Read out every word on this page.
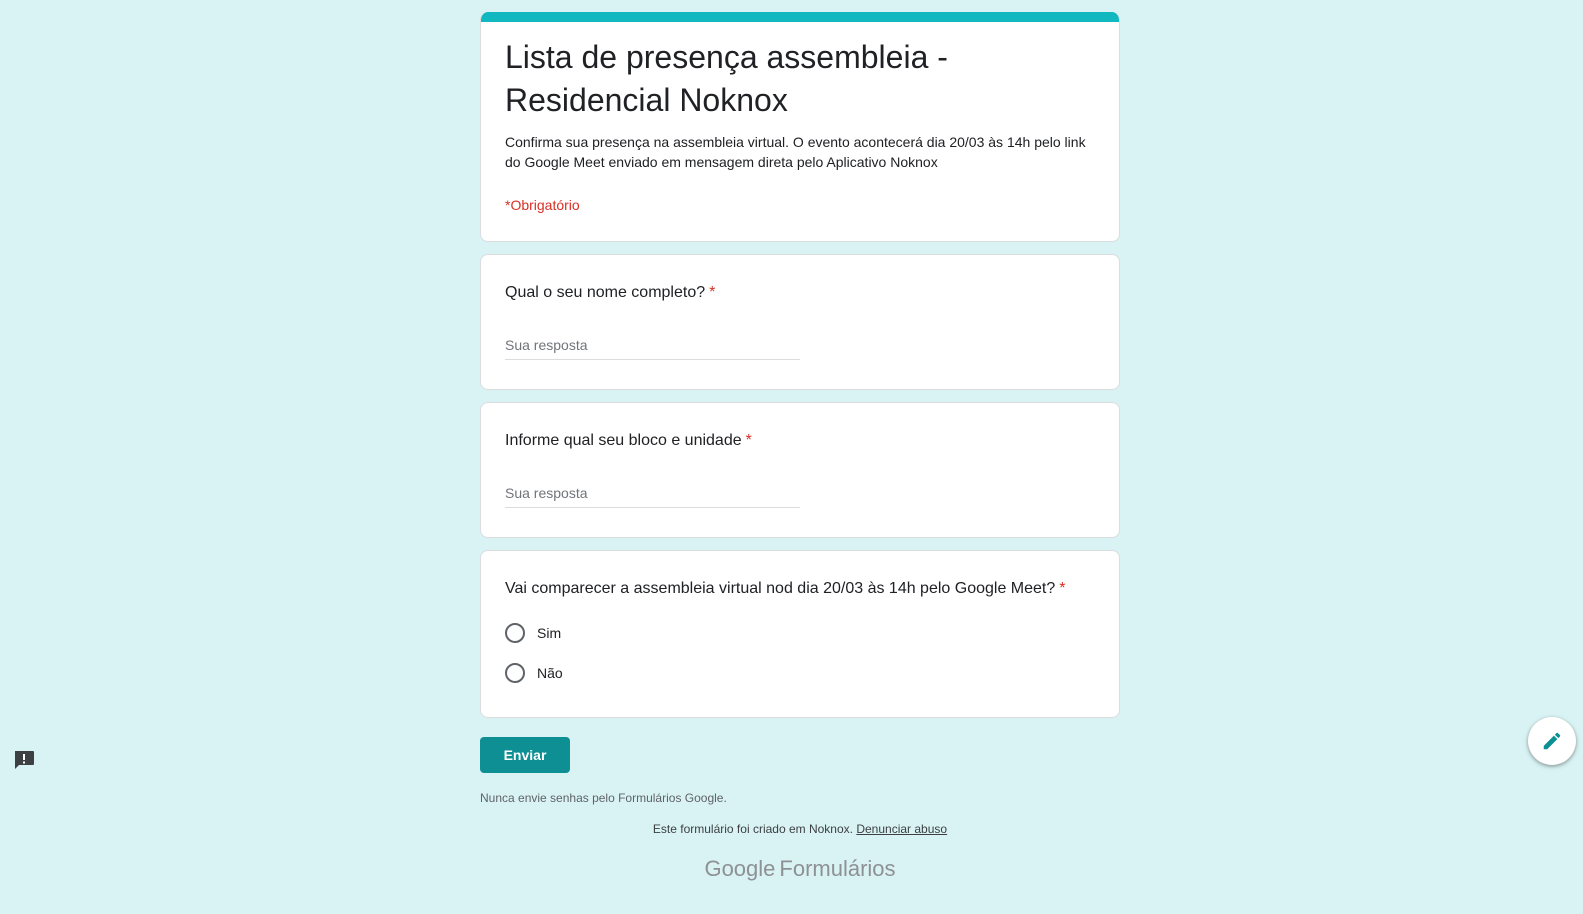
Lista de presença assembleia - Residencial Noknox

Confirma sua presença na assembleia virtual. O evento acontecerá dia 20/03 às 14h pelo link do Google Meet enviado em mensagem direta pelo Aplicativo Noknox

*Obrigatório
Qual o seu nome completo? *
Sua resposta
Informe qual seu bloco e unidade *
Sua resposta
Vai comparecer a assembleia virtual nod dia 20/03 às 14h pelo Google Meet? *
Sim
Não
Enviar
Nunca envie senhas pelo Formulários Google.
Este formulário foi criado em Noknox. Denunciar abuso
Google Formulários
